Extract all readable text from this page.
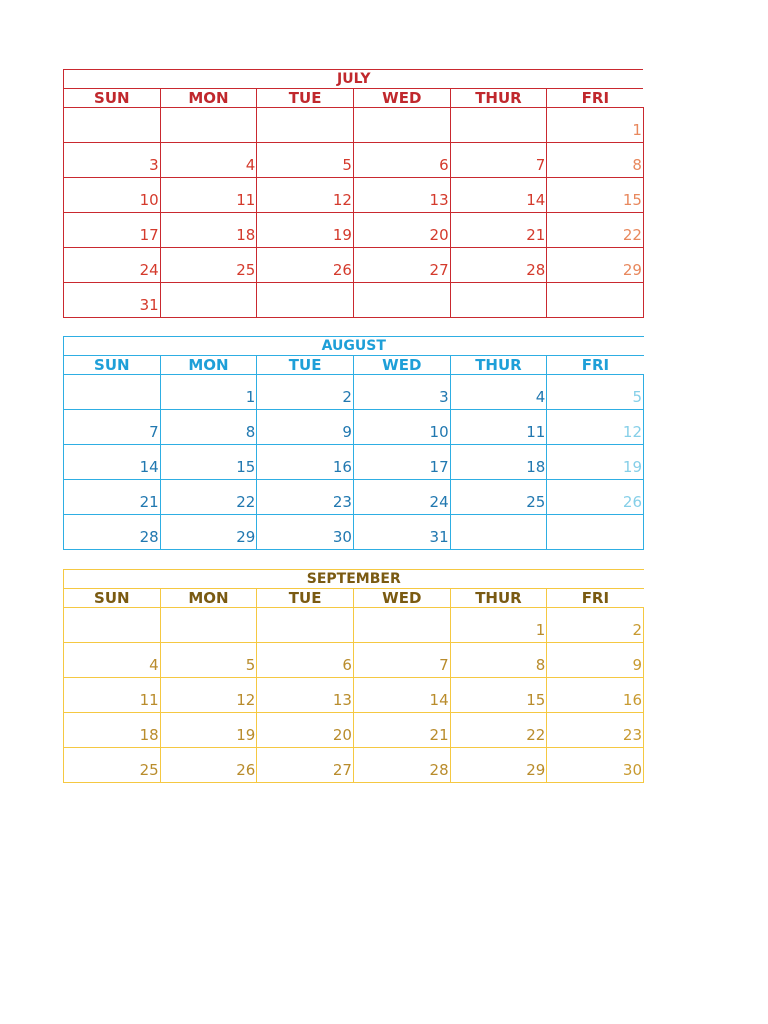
JULY					
SUN	MON	TUE	WED	THUR	FRI
					1
3	4	5	6	7	8
10	11	12	13	14	15
17	18	19	20	21	22
24	25	26	27	28	29
31					
AUGUST					
SUN	MON	TUE	WED	THUR	FRI
	1	2	3	4	5
7	8	9	10	11	12
14	15	16	17	18	19
21	22	23	24	25	26
28	29	30	31		
SEPTEMBER					
SUN	MON	TUE	WED	THUR	FRI
				1	2
4	5	6	7	8	9
11	12	13	14	15	16
18	19	20	21	22	23
25	26	27	28	29	30
